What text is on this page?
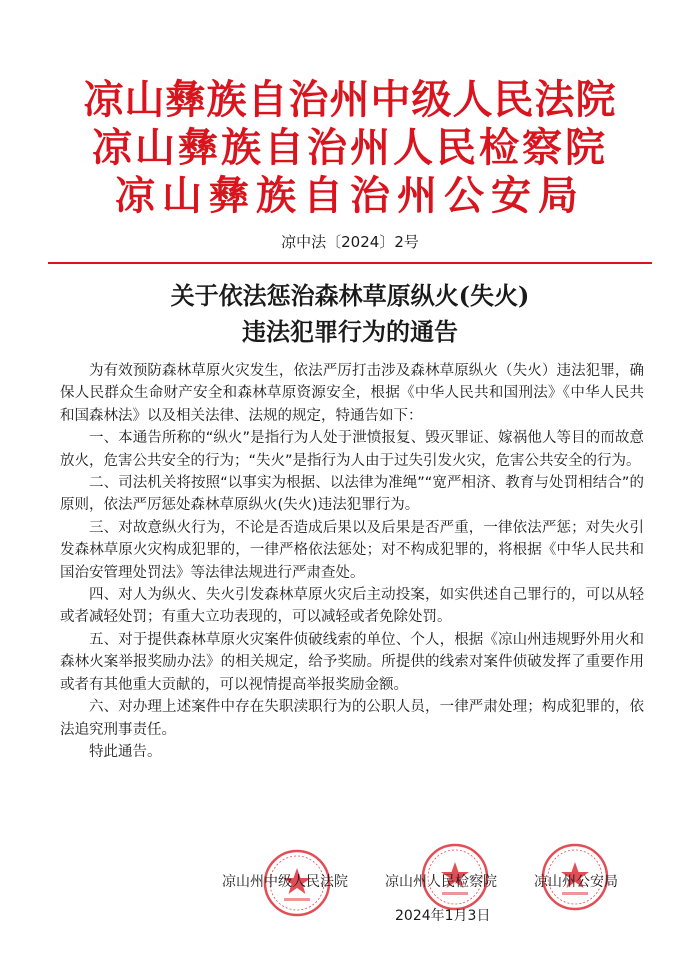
凉山彝族自治州中级人民法院
凉山彝族自治州人民检察院
凉山彝族自治州公安局
凉中法〔2024〕2号
关于依法惩治森林草原纵火(失火)
违法犯罪行为的通告

为有效预防森林草原火灾发生，依法严厉打击涉及森林草原纵火（失火）违法犯罪，确保人民群众生命财产安全和森林草原资源安全，根据《中华人民共和国刑法》《中华人民共和国森林法》以及相关法律、法规的规定，特通告如下：

一、本通告所称的“纵火”是指行为人处于泄愤报复、毁灭罪证、嫁祸他人等目的而故意放火，危害公共安全的行为；“失火”是指行为人由于过失引发火灾，危害公共安全的行为。

二、司法机关将按照“以事实为根据、以法律为准绳”“宽严相济、教育与处罚相结合”的原则，依法严厉惩处森林草原纵火(失火)违法犯罪行为。

三、对故意纵火行为，不论是否造成后果以及后果是否严重，一律依法严惩；对失火引发森林草原火灾构成犯罪的，一律严格依法惩处；对不构成犯罪的，将根据《中华人民共和国治安管理处罚法》等法律法规进行严肃查处。

四、对人为纵火、失火引发森林草原火灾后主动投案，如实供述自己罪行的，可以从轻或者减轻处罚；有重大立功表现的，可以减轻或者免除处罚。

五、对于提供森林草原火灾案件侦破线索的单位、个人，根据《凉山州违规野外用火和森林火案举报奖励办法》的相关规定，给予奖励。所提供的线索对案件侦破发挥了重要作用或者有其他重大贡献的，可以视情提高举报奖励金额。

六、对办理上述案件中存在失职渎职行为的公职人员，一律严肃处理；构成犯罪的，依法追究刑事责任。

特此通告。

凉山州中级人民法院	凉山州人民检察院	凉山州公安局
2024年1月3日
